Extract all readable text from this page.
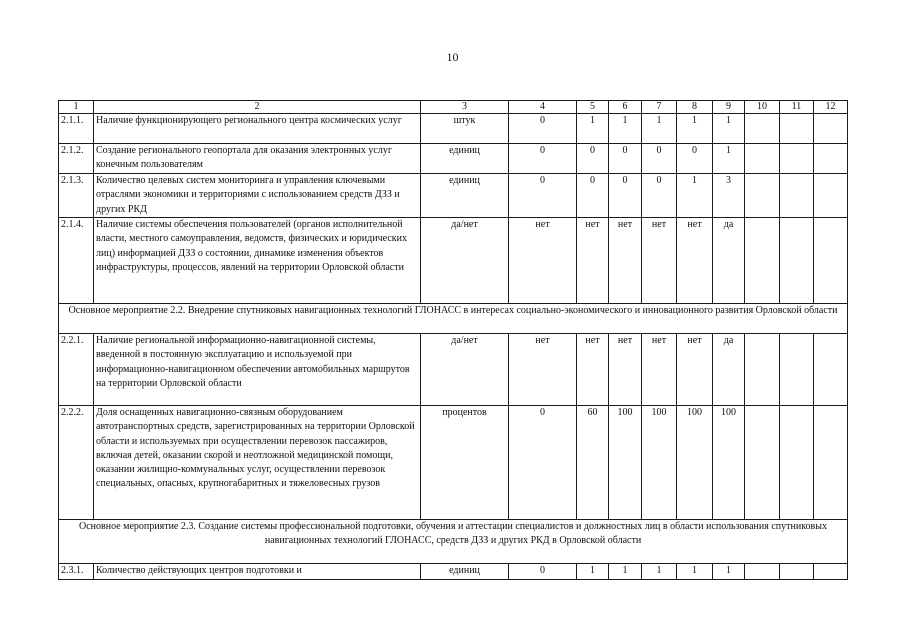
10
1	2	3	4	5	6	7	8	9	10	11	12
2.1.1.	Наличие функционирующего регионального центра космических услуг	штук	0	1	1	1	1	1			
2.1.2.	Создание регионального геопортала для оказания электронных услуг конечным пользователям	единиц	0	0	0	0	0	1			
2.1.3.	Количество целевых систем мониторинга и управления ключевыми отраслями экономики и территориями с использованием средств ДЗЗ и других РКД	единиц	0	0	0	0	1	3			
2.1.4.	Наличие системы обеспечения пользователей (органов исполнительной власти, местного самоуправления, ведомств, физических и юридических лиц) информацией ДЗЗ о состоянии, динамике изменения объектов инфраструктуры, процессов, явлений на территории Орловской области	да/нет	нет	нет	нет	нет	нет	да			
Основное мероприятие 2.2. Внедрение спутниковых навигационных технологий ГЛОНАСС в интересах социально-экономического и инновационного развития Орловской области											
2.2.1.	Наличие региональной информационно-навигационной системы, введенной в постоянную эксплуатацию и используемой при информационно-навигационном обеспечении автомобильных маршрутов на территории Орловской области	да/нет	нет	нет	нет	нет	нет	да			
2.2.2.	Доля оснащенных навигационно-связным оборудованием автотранспортных средств, зарегистрированных на территории Орловской области и используемых при осуществлении перевозок пассажиров, включая детей, оказании скорой и неотложной медицинской помощи, оказании жилищно-коммунальных услуг, осуществлении перевозок специальных, опасных, крупногабаритных и тяжеловесных грузов	процентов	0	60	100	100	100	100			
Основное мероприятие 2.3. Создание системы профессиональной подготовки, обучения и аттестации специалистов и должностных лиц в области использования спутниковых навигационных технологий ГЛОНАСС, средств ДЗЗ и других РКД в Орловской области											
2.3.1.	Количество действующих центров подготовки и	единиц	0	1	1	1	1	1			
